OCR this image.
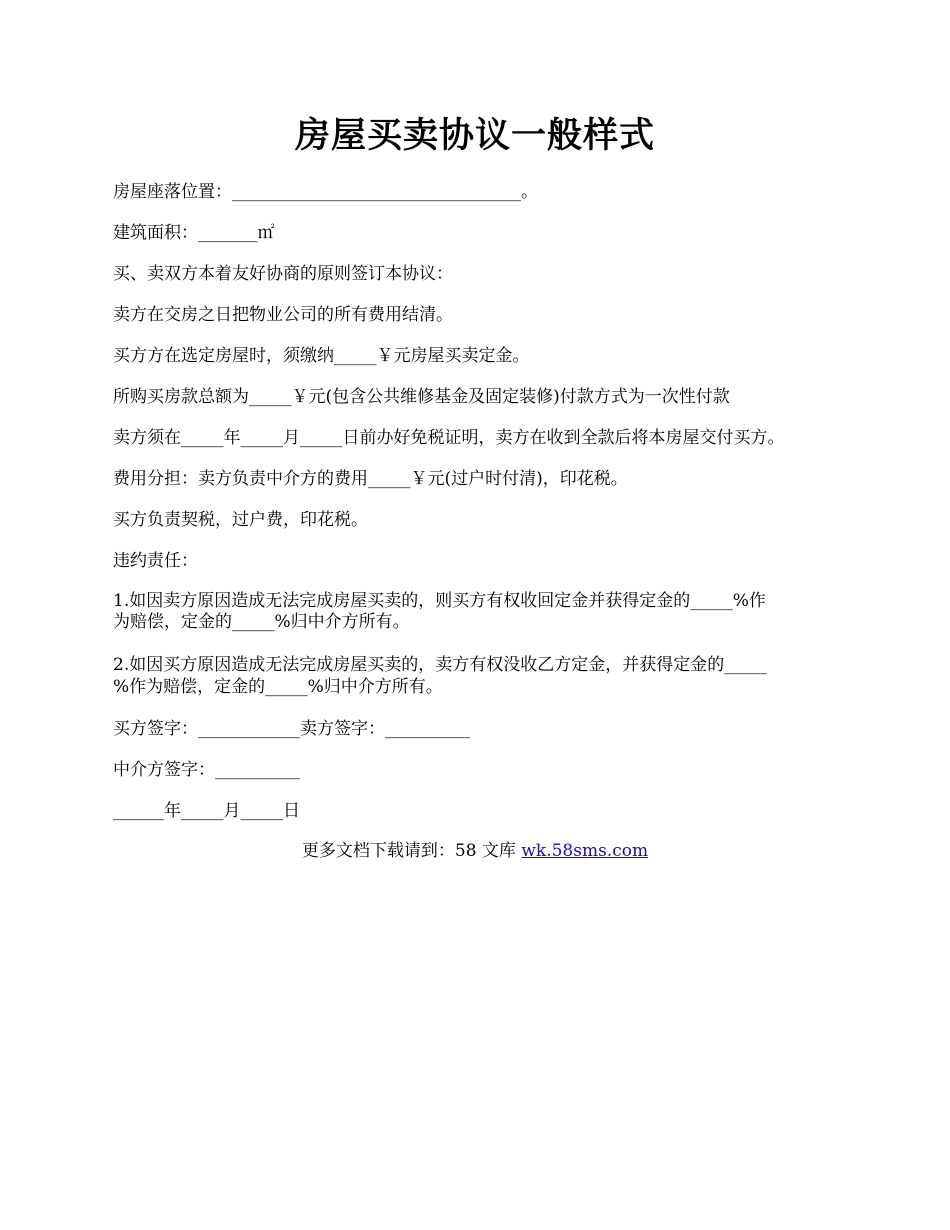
房屋买卖协议一般样式

房屋座落位置：__________________________________。

建筑面积：_______㎡

买、卖双方本着友好协商的原则签订本协议：

卖方在交房之日把物业公司的所有费用结清。

买方方在选定房屋时，须缴纳_____￥元房屋买卖定金。

所购买房款总额为_____￥元(包含公共维修基金及固定装修)付款方式为一次性付款

卖方须在_____年_____月_____日前办好免税证明，卖方在收到全款后将本房屋交付买方。

费用分担：卖方负责中介方的费用_____￥元(过户时付清)，印花税。

买方负责契税，过户费，印花税。

违约责任：

1.如因卖方原因造成无法完成房屋买卖的，则买方有权收回定金并获得定金的_____%作

为赔偿，定金的_____%归中介方所有。

2.如因买方原因造成无法完成房屋买卖的，卖方有权没收乙方定金，并获得定金的_____

%作为赔偿，定金的_____%归中介方所有。

买方签字：____________卖方签字：__________

中介方签字：__________

______年_____月_____日

更多文档下载请到：58 文库 wk.58sms.com
